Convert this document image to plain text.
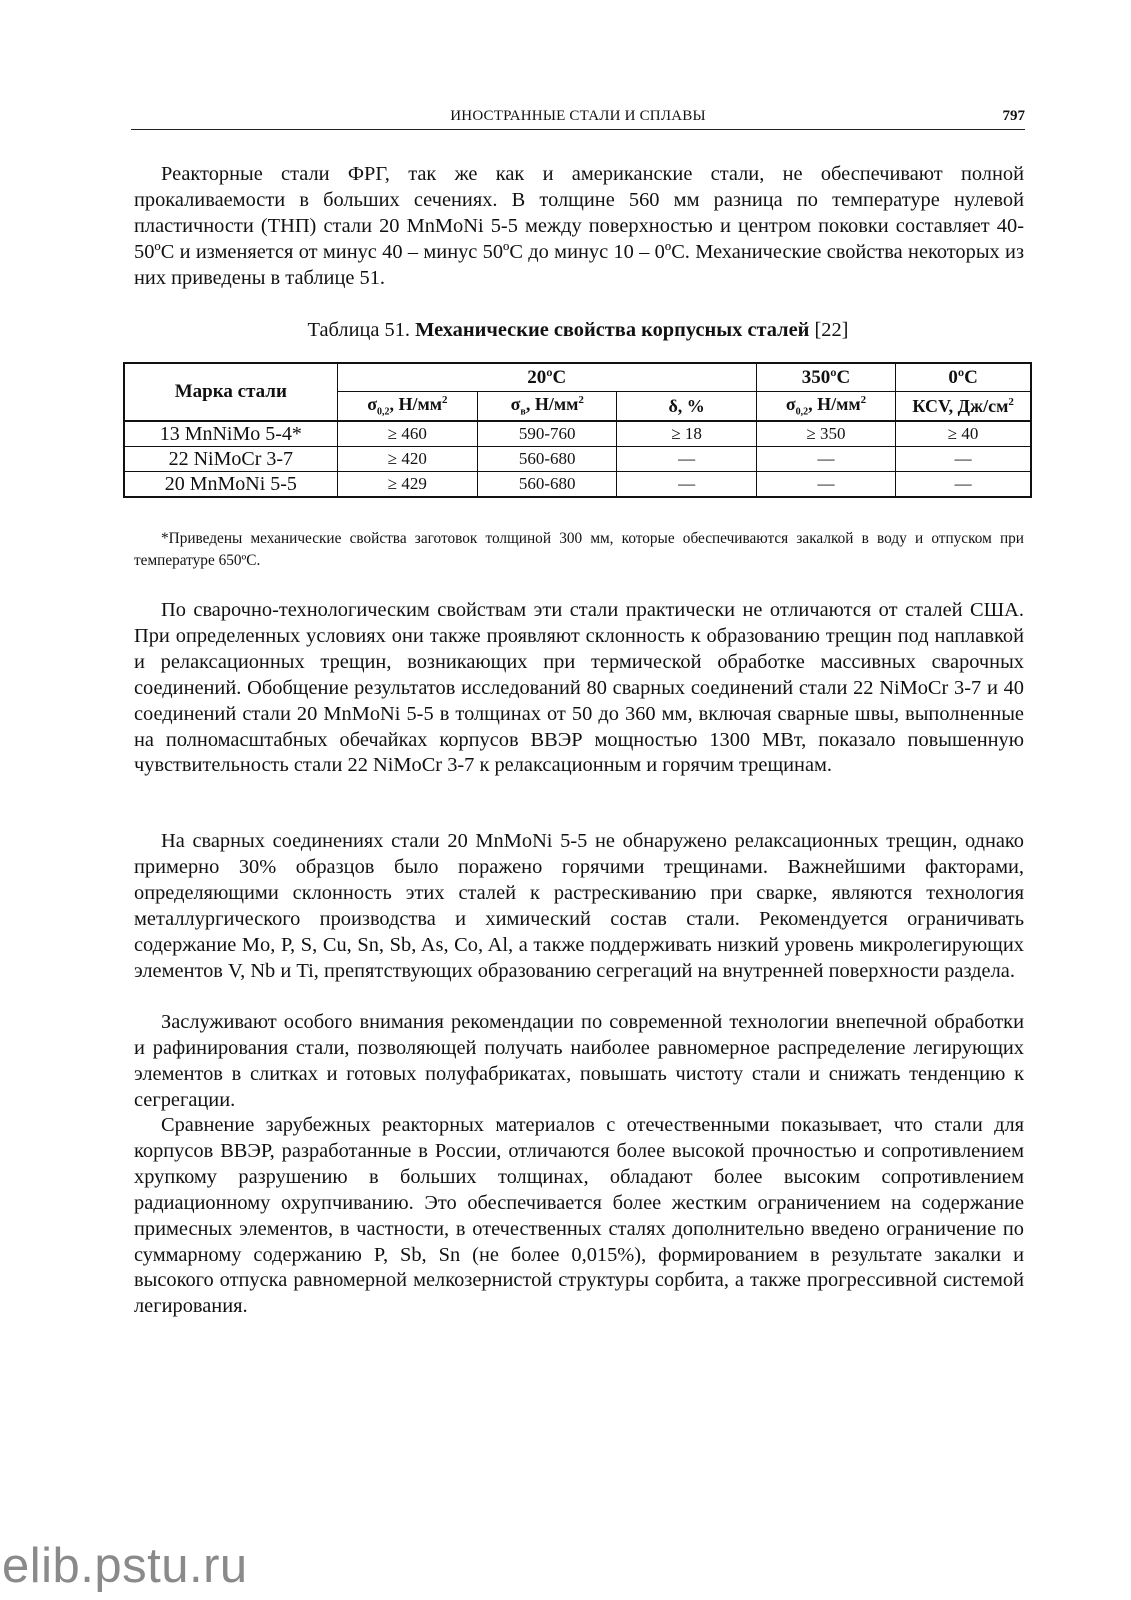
ИНОСТРАННЫЕ СТАЛИ И СПЛАВЫ	797

Реакторные стали ФРГ, так же как и американские стали, не обеспечивают полной прокаливаемости в больших сечениях. В толщине 560 мм разница по температуре нулевой пластичности (ТНП) стали 20 MnMoNi 5-5 между поверхностью и центром поковки составляет 40-50ºС и изменяется от минус 40 – минус 50ºС до минус 10 – 0ºС. Механические свойства некоторых из них приведены в таблице 51.

Таблица 51. Механические свойства корпусных сталей [22]
Марка стали	20ºС			350ºС	0ºС
	$\sigma_{0,2}$, $Н/мм^2$	$\sigma_в$, $Н/мм^2$	δ, %	$\sigma_{0,2}$, $Н/мм^2$	КСV, $Дж/см^2$
13 MnNiMo 5-4*	≥ 460	590-760	≥ 18	≥ 350	≥ 40
22 NiMoCr 3-7	≥ 420	560-680	—	—	—
20 MnMoNi 5-5	≥ 429	560-680	—	—	—
*Приведены механические свойства заготовок толщиной 300 мм, которые обеспечиваются закалкой в воду и отпуском при температуре 650ºС.

По сварочно-технологическим свойствам эти стали практически не отличаются от сталей США. При определенных условиях они также проявляют склонность к образованию трещин под наплавкой и релаксационных трещин, возникающих при термической обработке массивных сварочных соединений. Обобщение результатов исследований 80 сварных соединений стали 22 NiMoCr 3-7 и 40 соединений стали 20 MnMoNi 5-5 в толщинах от 50 до 360 мм, включая сварные швы, выполненные на полномасштабных обечайках корпусов ВВЭР мощностью 1300 МВт, показало повышенную чувствительность стали 22 NiMoCr 3-7 к релаксационным и горячим трещинам.

На сварных соединениях стали 20 MnMoNi 5-5 не обнаружено релаксационных трещин, однако примерно 30% образцов было поражено горячими трещинами. Важнейшими факторами, определяющими склонность этих сталей к растрескиванию при сварке, являются технология металлургического производства и химический состав стали. Рекомендуется ограничивать содержание Mo, P, S, Cu, Sn, Sb, As, Co, Al, а также поддерживать низкий уровень микролегирующих элементов V, Nb и Ti, препятствующих образованию сегрегаций на внутренней поверхности раздела.

Заслуживают особого внимания рекомендации по современной технологии внепечной обработки и рафинирования стали, позволяющей получать наиболее равномерное распределение легирующих элементов в слитках и готовых полуфабрикатах, повышать чистоту стали и снижать тенденцию к сегрегации.

Сравнение зарубежных реакторных материалов с отечественными показывает, что стали для корпусов ВВЭР, разработанные в России, отличаются более высокой прочностью и сопротивлением хрупкому разрушению в больших толщинах, обладают более высоким сопротивлением радиационному охрупчиванию. Это обеспечивается более жестким ограничением на содержание примесных элементов, в частности, в отечественных сталях дополнительно введено ограничение по суммарному содержанию P, Sb, Sn (не более 0,015%), формированием в результате закалки и высокого отпуска равномерной мелкозернистой структуры сорбита, а также прогрессивной системой легирования.

elib.pstu.ru
